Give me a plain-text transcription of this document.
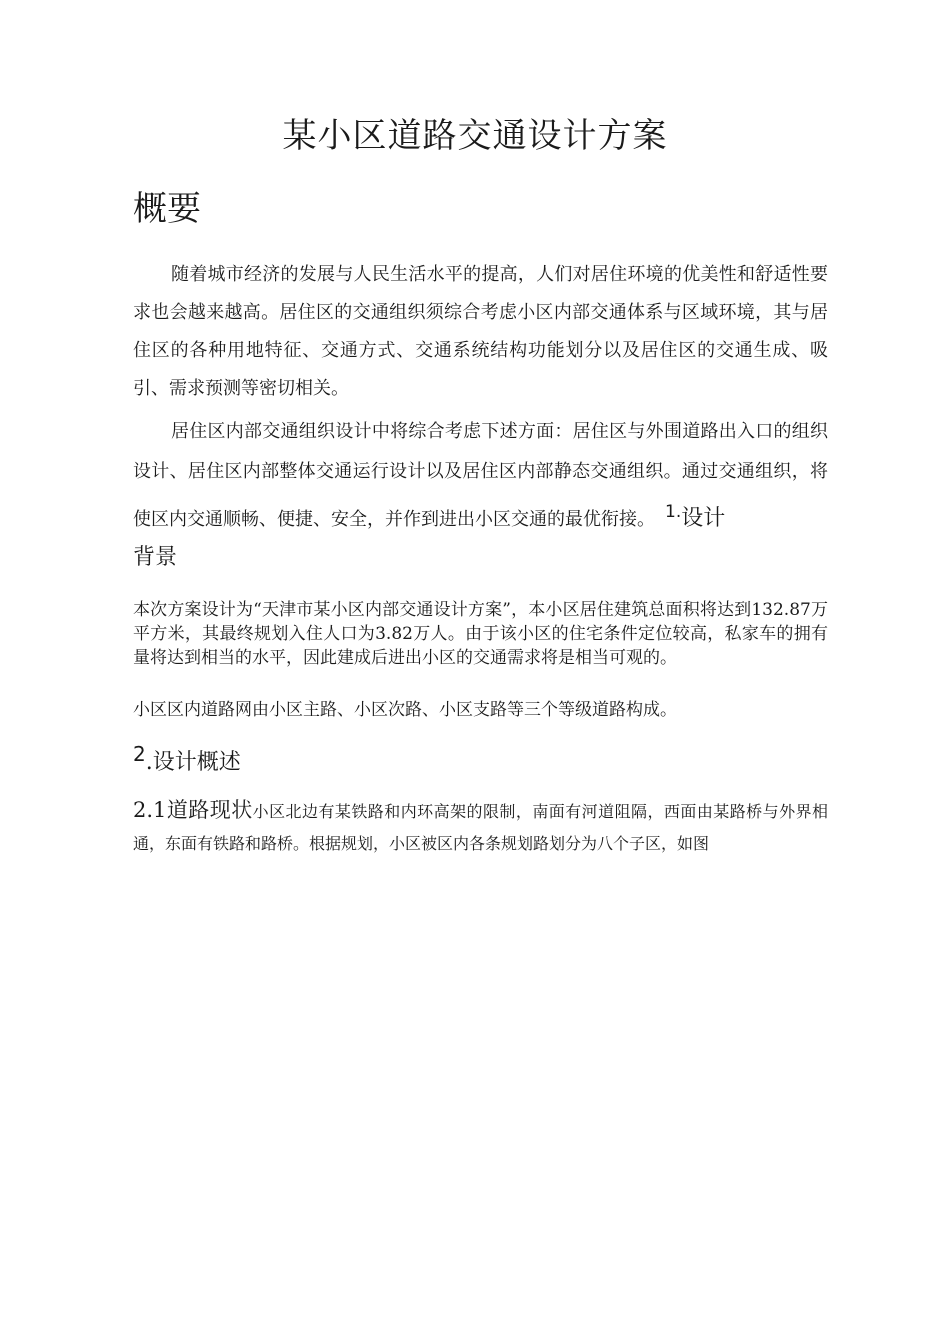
某小区道路交通设计方案
概要

随着城市经济的发展与人民生活水平的提高，人们对居住环境的优美性和舒适性要求也会越来越高。居住区的交通组织须综合考虑小区内部交通体系与区域环境，其与居住区的各种用地特征、交通方式、交通系统结构功能划分以及居住区的交通生成、吸引、需求预测等密切相关。

居住区内部交通组织设计中将综合考虑下述方面：居住区与外围道路出入口的组织设计、居住区内部整体交通运行设计以及居住区内部静态交通组织。通过交通组织，将使区内交通顺畅、便捷、安全，并作到进出小区交通的最优衔接。 1.设计

背景

本次方案设计为“天津市某小区内部交通设计方案”，本小区居住建筑总面积将达到132.87万平方米，其最终规划入住人口为3.82万人。由于该小区的住宅条件定位较高，私家车的拥有量将达到相当的水平，因此建成后进出小区的交通需求将是相当可观的。

小区区内道路网由小区主路、小区次路、小区支路等三个等级道路构成。

2.设计概述

2.1道路现状小区北边有某铁路和内环高架的限制，南面有河道阻隔，西面由某路桥与外界相通，东面有铁路和路桥。根据规划，小区被区内各条规划路划分为八个子区，如图
